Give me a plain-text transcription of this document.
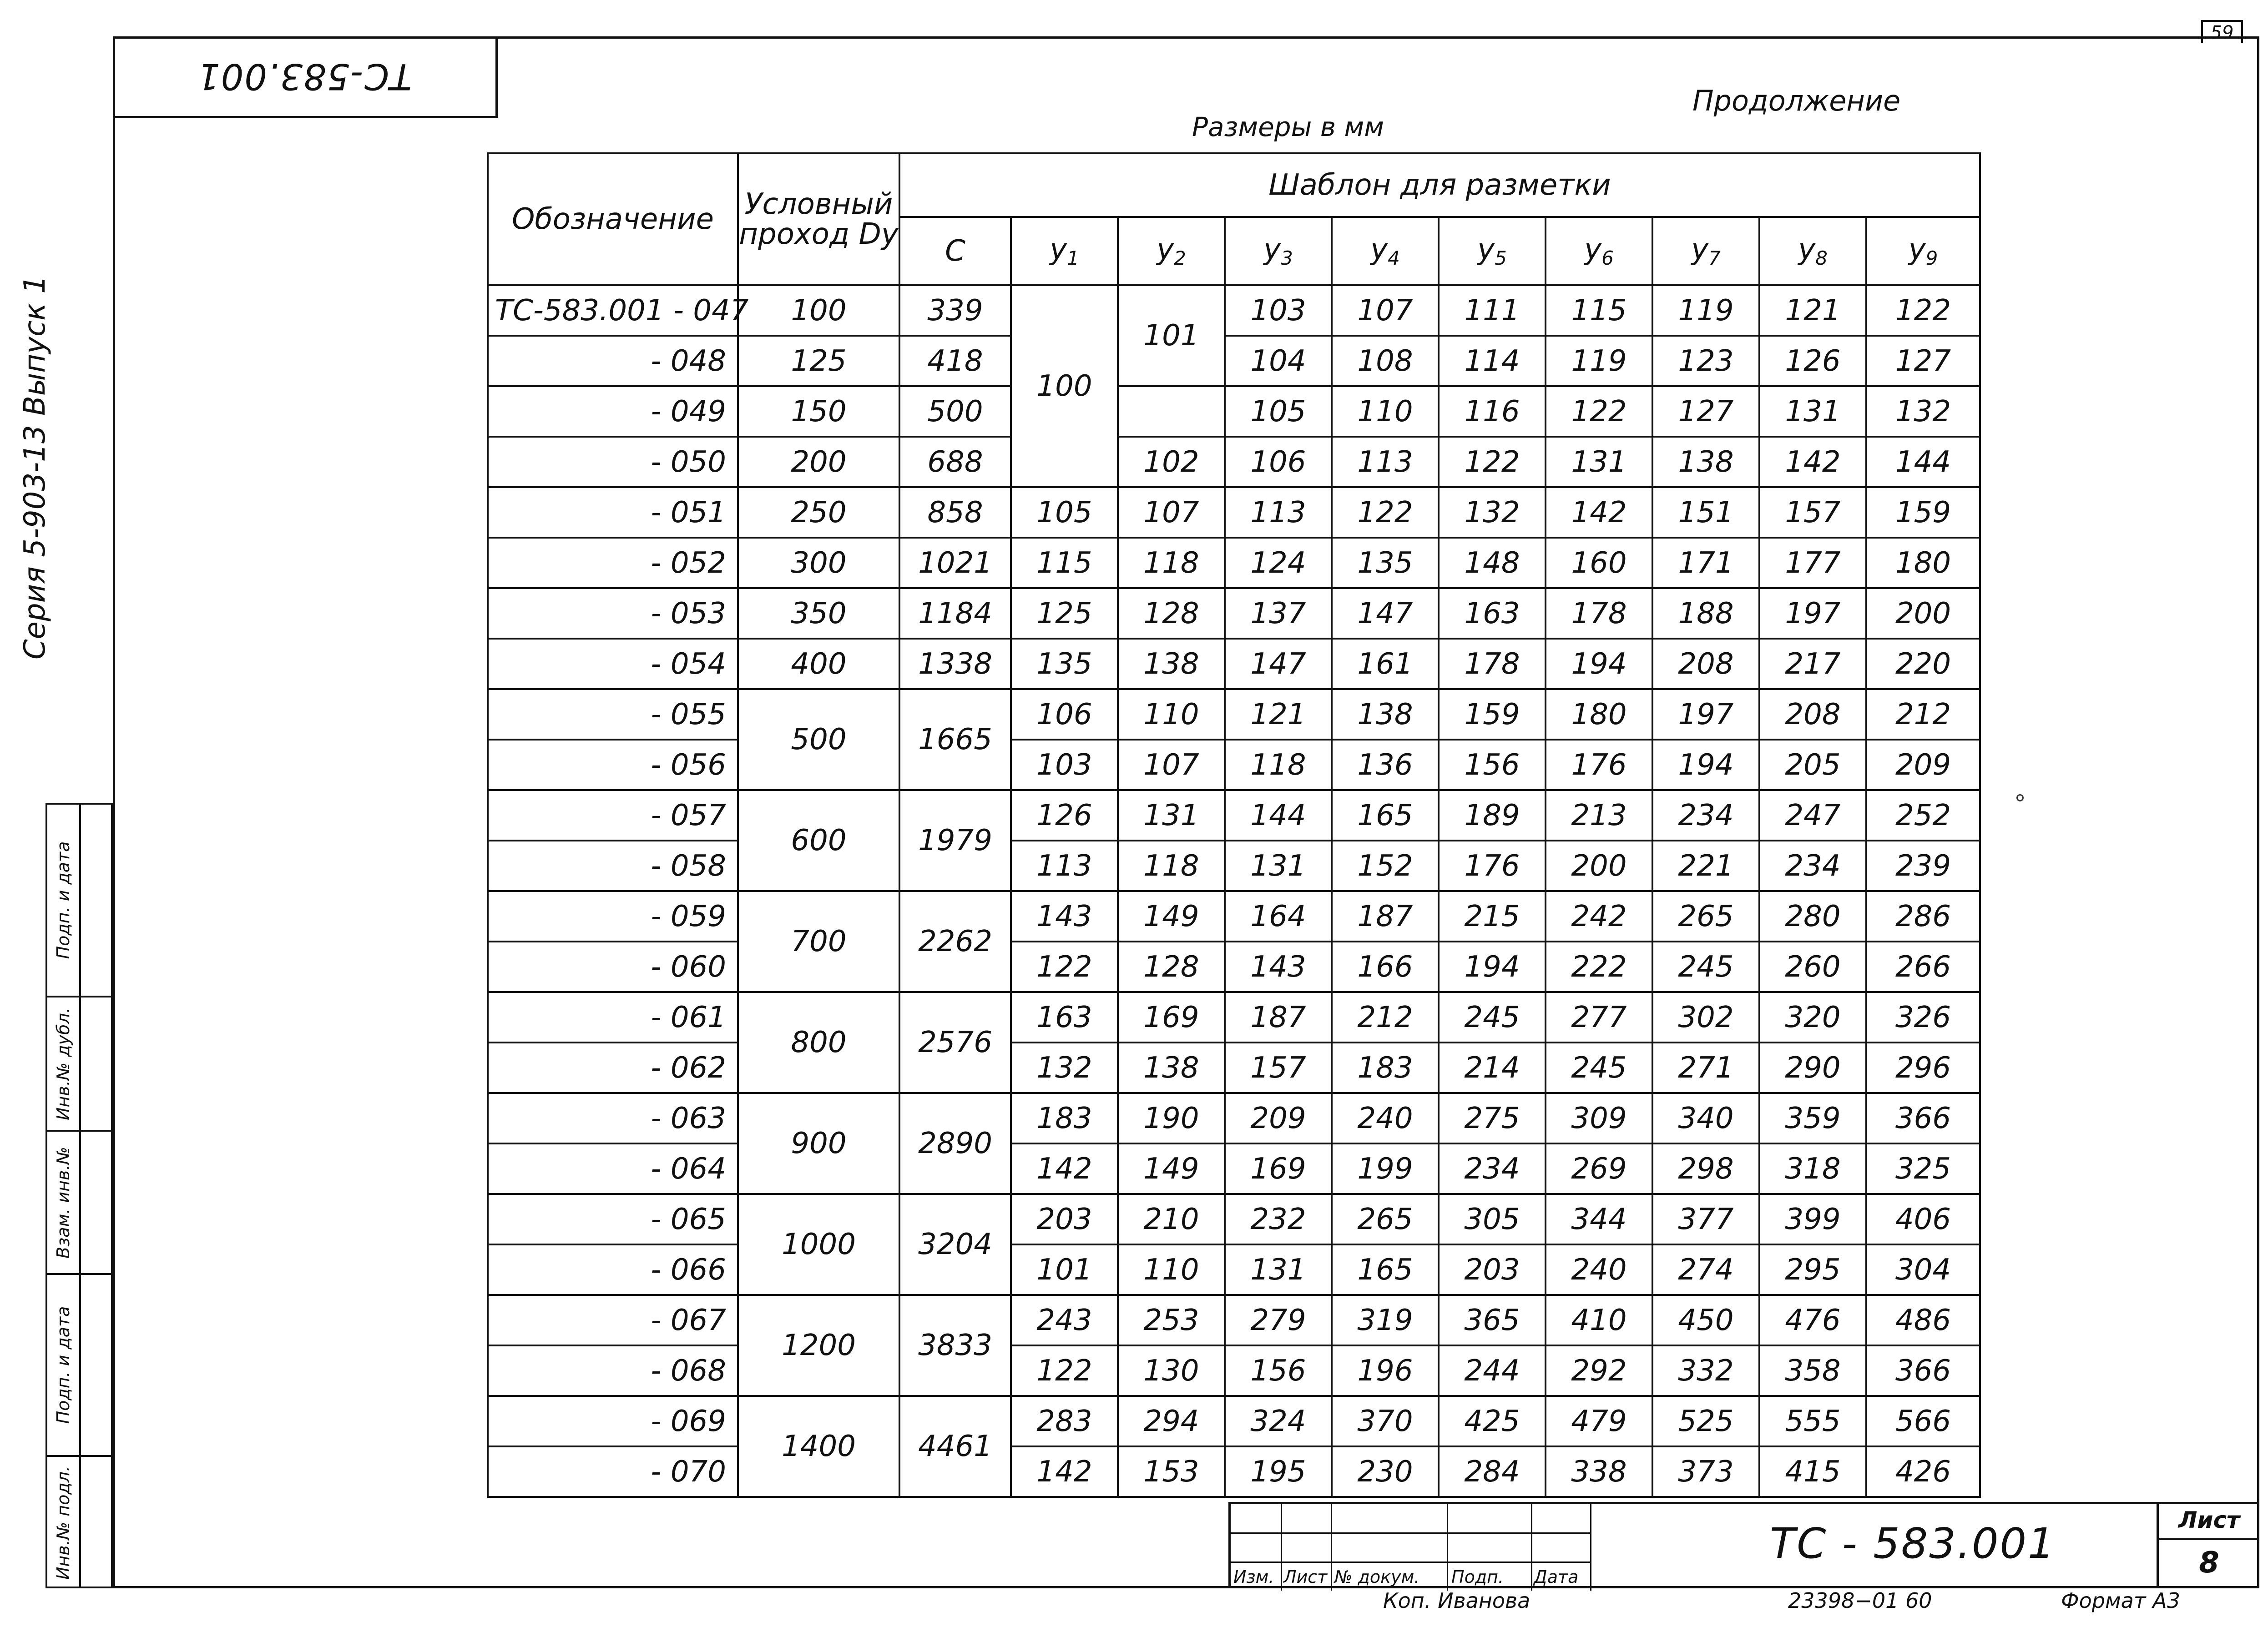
59
ТС-583.001
Серия 5-903-13 Выпуск 1
Подп. и дата
Инв.№ дубл.
Взам. инв.№
Подп. и дата
Инв.№ подл.
Продолжение
Размеры в мм
Обозначение	Условный проход Dу	Шаблон для разметки									
		С	$y_1$	$y_2$	$y_3$	$y_4$	$y_5$	$y_6$	$y_7$	$y_8$	$y_9$
ТС-583.001 - 047	100	339	100	101	103	107	111	115	119	121	122
- 048	125	418			104	108	114	119	123	126	127
- 049	150	500			105	110	116	122	127	131	132
- 050	200	688		102	106	113	122	131	138	142	144
- 051	250	858	105	107	113	122	132	142	151	157	159
- 052	300	1021	115	118	124	135	148	160	171	177	180
- 053	350	1184	125	128	137	147	163	178	188	197	200
- 054	400	1338	135	138	147	161	178	194	208	217	220
- 055	500	1665	106	110	121	138	159	180	197	208	212
- 056			103	107	118	136	156	176	194	205	209
- 057	600	1979	126	131	144	165	189	213	234	247	252
- 058			113	118	131	152	176	200	221	234	239
- 059	700	2262	143	149	164	187	215	242	265	280	286
- 060			122	128	143	166	194	222	245	260	266
- 061	800	2576	163	169	187	212	245	277	302	320	326
- 062			132	138	157	183	214	245	271	290	296
- 063	900	2890	183	190	209	240	275	309	340	359	366
- 064			142	149	169	199	234	269	298	318	325
- 065	1000	3204	203	210	232	265	305	344	377	399	406
- 066			101	110	131	165	203	240	274	295	304
- 067	1200	3833	243	253	279	319	365	410	450	476	486
- 068			122	130	156	196	244	292	332	358	366
- 069	1400	4461	283	294	324	370	425	479	525	555	566
- 070			142	153	195	230	284	338	373	415	426
Изм. Лист № докум. Подп. Дата
ТС - 583.001	Лист
8
Коп. Иванова	23398−01 60	Формат А3
